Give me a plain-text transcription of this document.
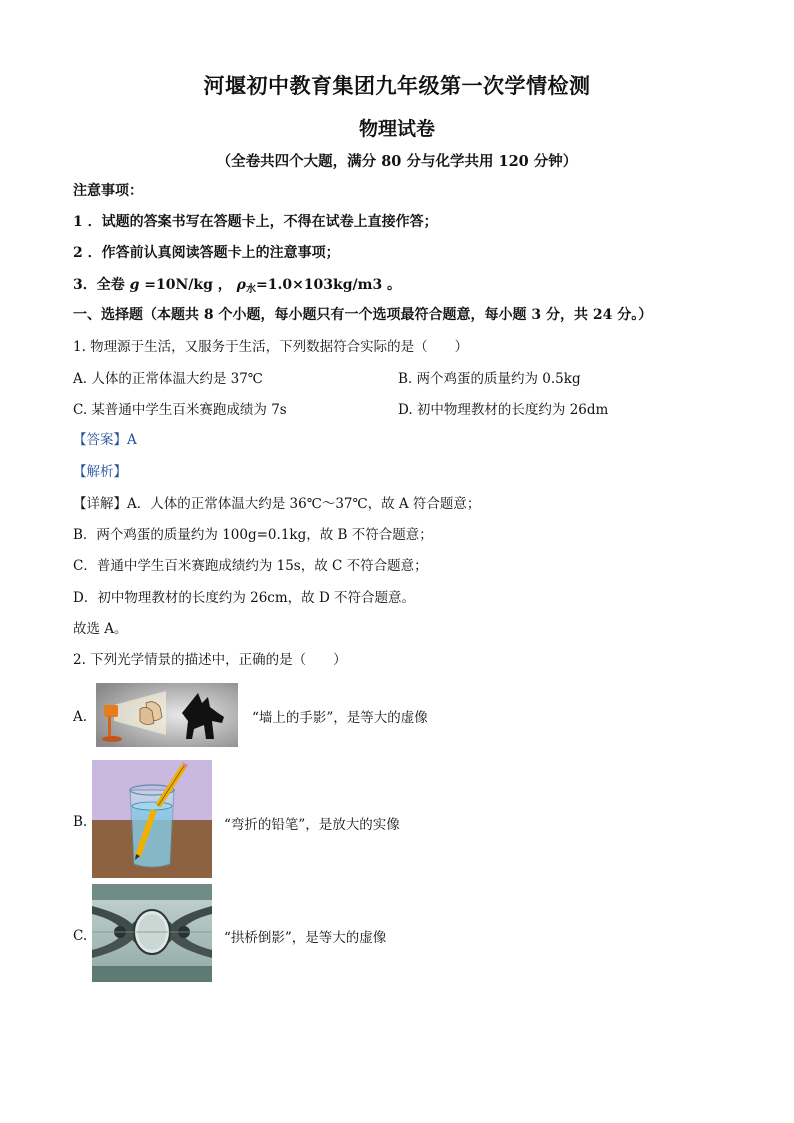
河堰初中教育集团九年级第一次学情检测
物理试卷
（全卷共四个大题，满分 80 分与化学共用 120 分钟）
注意事项：
1 ．试题的答案书写在答题卡上，不得在试卷上直接作答；
2 ．作答前认真阅读答题卡上的注意事项；
3．全卷 g =10N/kg ， $\rho_水=1.0\times 103kg/m3$ 。
一、选择题（本题共 8 个小题，每小题只有一个选项最符合题意，每小题 3 分，共 24 分。）
1. 物理源于生活，又服务于生活，下列数据符合实际的是（　　）
A. 人体的正常体温大约是 37℃	B. 两个鸡蛋的质量约为 0.5kg
C. 某普通中学生百米赛跑成绩为 7s	D. 初中物理教材的长度约为 26dm
【答案】A
【解析】
【详解】A．人体的正常体温大约是 36℃～37℃，故 A 符合题意；
B．两个鸡蛋的质量约为 100g=0.1kg，故 B 不符合题意；
C．普通中学生百米赛跑成绩约为 15s，故 C 不符合题意；
D．初中物理教材的长度约为 26cm，故 D 不符合题意。
故选 A。
2. 下列光学情景的描述中，正确的是（　　）
A.	“墙上的手影”，是等大的虚像
B.	“弯折的铅笔”，是放大的实像
C.	“拱桥倒影”，是等大的虚像
